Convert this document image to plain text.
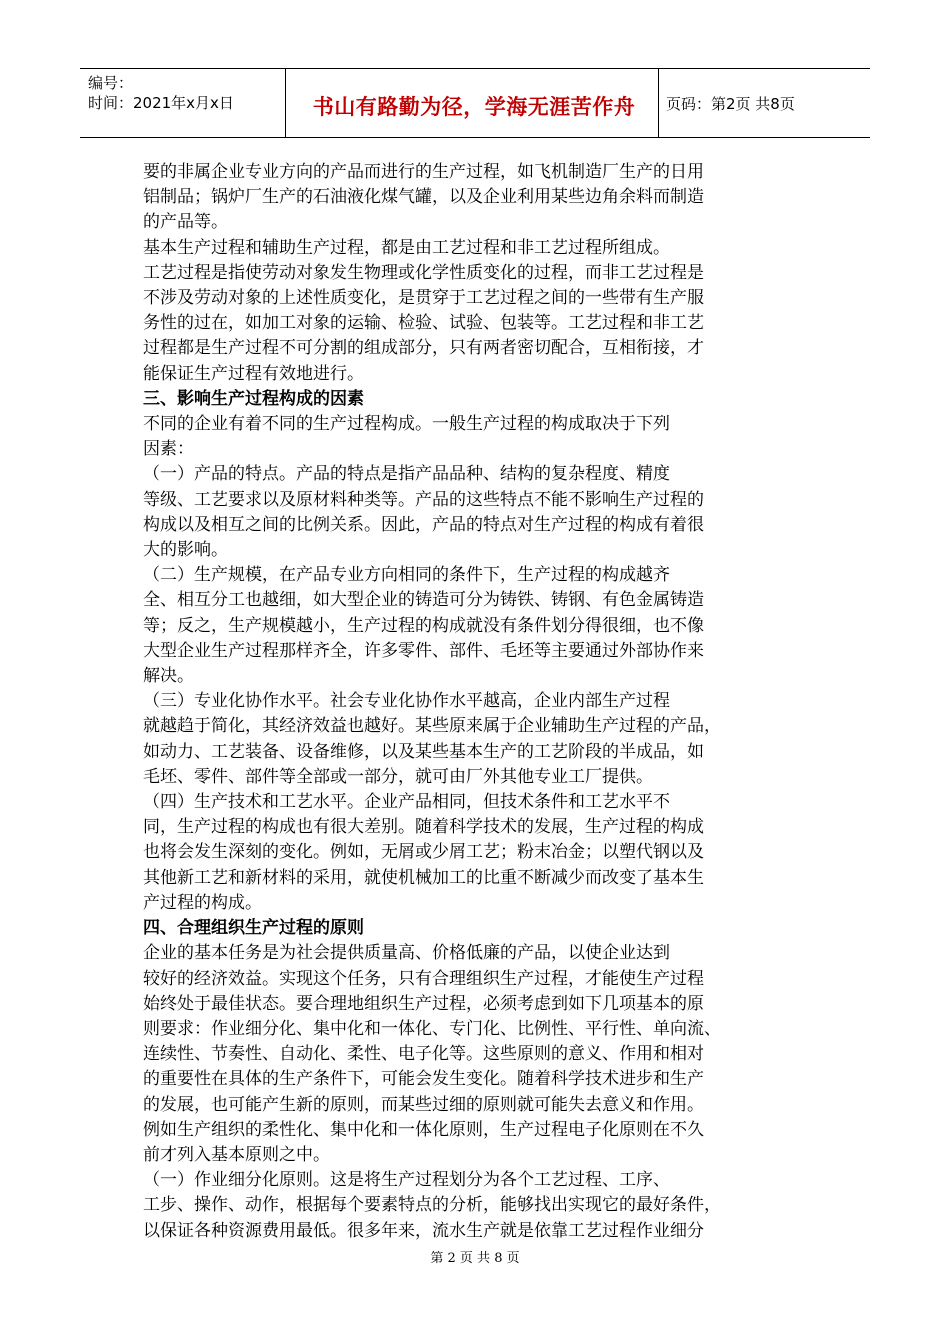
编号：
时间：2021年x月x日	书山有路勤为径，学海无涯苦作舟	页码：第2页 共8页

要的非属企业专业方向的产品而进行的生产过程，如飞机制造厂生产的日用

铝制品；锅炉厂生产的石油液化煤气罐，以及企业利用某些边角余料而制造

的产品等。

基本生产过程和辅助生产过程，都是由工艺过程和非工艺过程所组成。

工艺过程是指使劳动对象发生物理或化学性质变化的过程，而非工艺过程是

不涉及劳动对象的上述性质变化，是贯穿于工艺过程之间的一些带有生产服

务性的过在，如加工对象的运输、检验、试验、包装等。工艺过程和非工艺

过程都是生产过程不可分割的组成部分，只有两者密切配合，互相衔接，才

能保证生产过程有效地进行。

三、影响生产过程构成的因素

不同的企业有着不同的生产过程构成。一般生产过程的构成取决于下列

因素：

（一）产品的特点。产品的特点是指产品品种、结构的复杂程度、精度

等级、工艺要求以及原材料种类等。产品的这些特点不能不影响生产过程的

构成以及相互之间的比例关系。因此，产品的特点对生产过程的构成有着很

大的影响。

（二）生产规模，在产品专业方向相同的条件下，生产过程的构成越齐

全、相互分工也越细，如大型企业的铸造可分为铸铁、铸钢、有色金属铸造

等；反之，生产规模越小，生产过程的构成就没有条件划分得很细，也不像

大型企业生产过程那样齐全，许多零件、部件、毛坯等主要通过外部协作来

解决。

（三）专业化协作水平。社会专业化协作水平越高，企业内部生产过程

就越趋于简化，其经济效益也越好。某些原来属于企业辅助生产过程的产品，

如动力、工艺装备、设备维修，以及某些基本生产的工艺阶段的半成品，如

毛坯、零件、部件等全部或一部分，就可由厂外其他专业工厂提供。

（四）生产技术和工艺水平。企业产品相同，但技术条件和工艺水平不

同，生产过程的构成也有很大差别。随着科学技术的发展，生产过程的构成

也将会发生深刻的变化。例如，无屑或少屑工艺；粉末冶金；以塑代钢以及

其他新工艺和新材料的采用，就使机械加工的比重不断减少而改变了基本生

产过程的构成。

四、合理组织生产过程的原则

企业的基本任务是为社会提供质量高、价格低廉的产品，以使企业达到

较好的经济效益。实现这个任务，只有合理组织生产过程，才能使生产过程

始终处于最佳状态。要合理地组织生产过程，必须考虑到如下几项基本的原

则要求：作业细分化、集中化和一体化、专门化、比例性、平行性、单向流、

连续性、节奏性、自动化、柔性、电子化等。这些原则的意义、作用和相对

的重要性在具体的生产条件下，可能会发生变化。随着科学技术进步和生产

的发展，也可能产生新的原则，而某些过细的原则就可能失去意义和作用。

例如生产组织的柔性化、集中化和一体化原则，生产过程电子化原则在不久

前才列入基本原则之中。

（一）作业细分化原则。这是将生产过程划分为各个工艺过程、工序、

工步、操作、动作，根据每个要素特点的分析，能够找出实现它的最好条件，

以保证各种资源费用最低。很多年来，流水生产就是依靠工艺过程作业细分

第 2 页 共 8 页
